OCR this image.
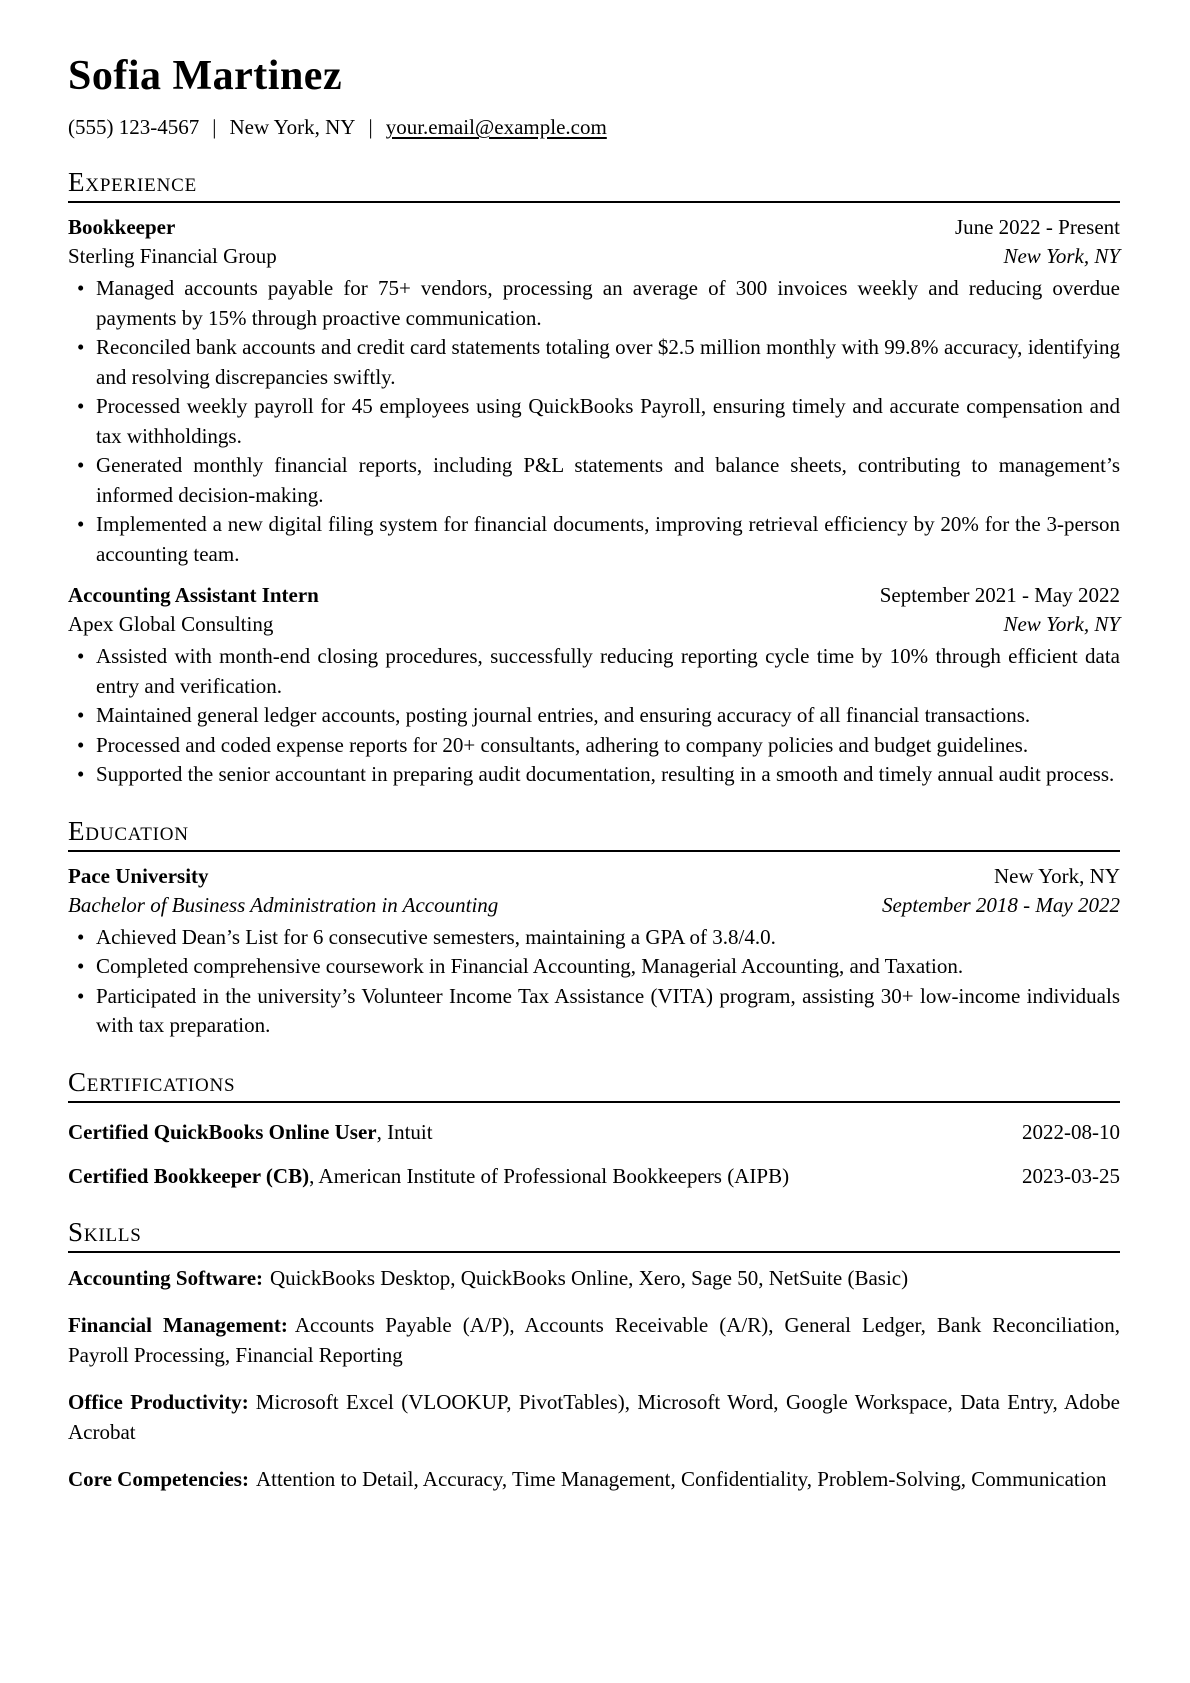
Sofia Martinez
(555) 123-4567 | New York, NY | your.email@example.com
Experience
Bookkeeper	June 2022 - Present
Sterling Financial Group	New York, NY
• Managed accounts payable for 75+ vendors, processing an average of 300 invoices weekly and reducing overdue payments by 15% through proactive communication.
• Reconciled bank accounts and credit card statements totaling over $2.5 million monthly with 99.8% accuracy, identifying and resolving discrepancies swiftly.
• Processed weekly payroll for 45 employees using QuickBooks Payroll, ensuring timely and accurate compensation and tax withholdings.
• Generated monthly financial reports, including P&L statements and balance sheets, contributing to management’s informed decision-making.
• Implemented a new digital filing system for financial documents, improving retrieval efficiency by 20% for the 3-person accounting team.
Accounting Assistant Intern	September 2021 - May 2022
Apex Global Consulting	New York, NY
• Assisted with month-end closing procedures, successfully reducing reporting cycle time by 10% through efficient data entry and verification.
• Maintained general ledger accounts, posting journal entries, and ensuring accuracy of all financial transactions.
• Processed and coded expense reports for 20+ consultants, adhering to company policies and budget guidelines.
• Supported the senior accountant in preparing audit documentation, resulting in a smooth and timely annual audit process.
Education
Pace University	New York, NY
Bachelor of Business Administration in Accounting	September 2018 - May 2022
• Achieved Dean’s List for 6 consecutive semesters, maintaining a GPA of 3.8/4.0.
• Completed comprehensive coursework in Financial Accounting, Managerial Accounting, and Taxation.
• Participated in the university’s Volunteer Income Tax Assistance (VITA) program, assisting 30+ low-income individuals with tax preparation.
Certifications
Certified QuickBooks Online User, Intuit	2022-08-10
Certified Bookkeeper (CB), American Institute of Professional Bookkeepers (AIPB)	2023-03-25
Skills

Accounting Software: QuickBooks Desktop, QuickBooks Online, Xero, Sage 50, NetSuite (Basic)

Financial Management: Accounts Payable (A/P), Accounts Receivable (A/R), General Ledger, Bank Reconciliation, Payroll Processing, Financial Reporting

Office Productivity: Microsoft Excel (VLOOKUP, PivotTables), Microsoft Word, Google Workspace, Data Entry, Adobe Acrobat

Core Competencies: Attention to Detail, Accuracy, Time Management, Confidentiality, Problem-Solving, Communication
